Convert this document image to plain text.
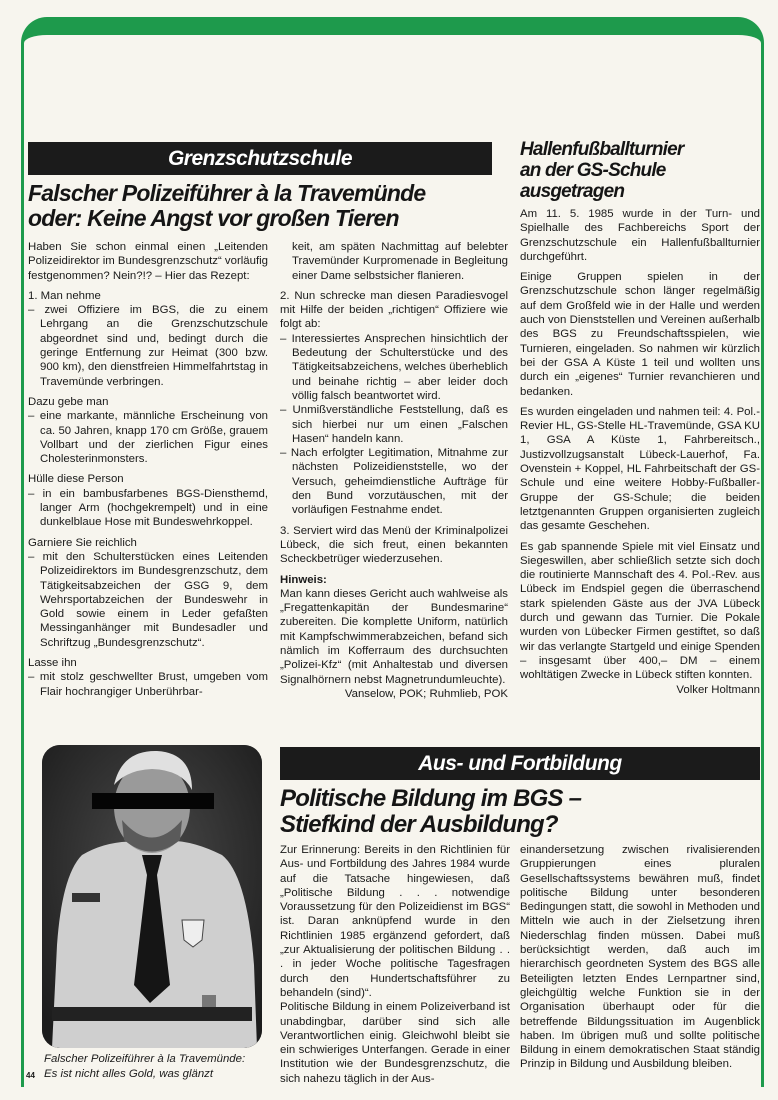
Grenzschutzschule
Falscher Polizeiführer à la Travemünde
oder: Keine Angst vor großen Tieren

Haben Sie schon einmal einen „Leitenden Polizeidirektor im Bundesgrenzschutz“ vorläufig festgenommen? Nein?!? – Hier das Rezept:

1. Man nehme

– zwei Offiziere im BGS, die zu einem Lehrgang an die Grenzschutzschule abgeordnet sind und, bedingt durch die geringe Entfernung zur Heimat (300 bzw. 900 km), den dienstfreien Himmelfahrtstag in Travemünde verbringen.

Dazu gebe man

– eine markante, männliche Erscheinung von ca. 50 Jahren, knapp 170 cm Größe, grauem Vollbart und der zierlichen Figur eines Cholesterinmonsters.

Hülle diese Person

– in ein bambusfarbenes BGS-Diensthemd, langer Arm (hochgekrempelt) und in eine dunkelblaue Hose mit Bundeswehrkoppel.

Garniere Sie reichlich

– mit den Schulterstücken eines Leitenden Polizeidirektors im Bundesgrenzschutz, dem Tätigkeitsabzeichen der GSG 9, dem Wehrsportabzeichen der Bundeswehr in Gold sowie einem in Leder gefaßten Messinganhänger mit Bundesadler und Schriftzug „Bundesgrenzschutz“.

Lasse ihn

– mit stolz geschwellter Brust, umgeben vom Flair hochrangiger Unberührbar-

keit, am späten Nachmittag auf belebter Travemünder Kurpromenade in Begleitung einer Dame selbstsicher flanieren.

2. Nun schrecke man diesen Paradiesvogel mit Hilfe der beiden „richtigen“ Offiziere wie folgt ab:

– Interessiertes Ansprechen hinsichtlich der Bedeutung der Schulterstücke und des Tätigkeitsabzeichens, welches überheblich und beinahe richtig – aber leider doch völlig falsch beantwortet wird.
– Unmißverständliche Feststellung, daß es sich hierbei nur um einen „Falschen Hasen“ handeln kann.
– Nach erfolgter Legitimation, Mitnahme zur nächsten Polizeidienststelle, wo der Versuch, geheimdienstliche Aufträge für den Bund vorzutäuschen, mit der vorläufigen Festnahme endet.

3. Serviert wird das Menü der Kriminalpolizei Lübeck, die sich freut, einen bekannten Scheckbetrüger wiederzusehen.

Hinweis:

Man kann dieses Gericht auch wahlweise als „Fregattenkapitän der Bundesmarine“ zubereiten. Die komplette Uniform, natürlich mit Kampfschwimmerabzeichen, befand sich nämlich im Kofferraum des durchsuchten „Polizei-Kfz“ (mit Anhaltestab und diversen Signalhörnern nebst Magnetrundumleuchte).

Vanselow, POK; Ruhmlieb, POK

Hallenfußballturnier
an der GS-Schule
ausgetragen

Am 11. 5. 1985 wurde in der Turn- und Spielhalle des Fachbereichs Sport der Grenzschutzschule ein Hallenfußballturnier durchgeführt.

Einige Gruppen spielen in der Grenzschutzschule schon länger regelmäßig auf dem Großfeld wie in der Halle und werden auch von Dienststellen und Vereinen außerhalb des BGS zu Freundschaftsspielen, wie Turnieren, eingeladen. So nahmen wir kürzlich bei der GSA A Küste 1 teil und wollten uns durch ein „eigenes“ Turnier revanchieren und bedanken.

Es wurden eingeladen und nahmen teil: 4. Pol.-Revier HL, GS-Stelle HL-Travemünde, GSA KU 1, GSA A Küste 1, Fahrbereitsch., Justizvollzugsanstalt Lübeck-Lauerhof, Fa. Ovenstein + Koppel, HL Fahrbeitschaft der GS-Schule und eine weitere Hobby-Fußballer-Gruppe der GS-Schule; die beiden letztgenannten Gruppen organisierten zugleich das gesamte Geschehen.

Es gab spannende Spiele mit viel Einsatz und Siegeswillen, aber schließlich setzte sich doch die routinierte Mannschaft des 4. Pol.-Rev. aus Lübeck im Endspiel gegen die überraschend stark spielenden Gäste aus der JVA Lübeck durch und gewann das Turnier. Die Pokale wurden von Lübecker Firmen gestiftet, so daß wir das verlangte Startgeld und einige Spenden – insgesamt über 400,– DM – einem wohltätigen Zwecke in Lübeck stiften konnten.
Volker Holtmann

Falscher Polizeiführer à la Travemünde:
Es ist nicht alles Gold, was glänzt
44
Aus- und Fortbildung
Politische Bildung im BGS –
Stiefkind der Ausbildung?

Zur Erinnerung: Bereits in den Richtlinien für Aus- und Fortbildung des Jahres 1984 wurde auf die Tatsache hingewiesen, daß „Politische Bildung . . . notwendige Voraussetzung für den Polizeidienst im BGS“ ist. Daran anknüpfend wurde in den Richtlinien 1985 ergänzend gefordert, daß „zur Aktualisierung der politischen Bildung . . . in jeder Woche politische Tagesfragen durch den Hundertschaftsführer zu behandeln (sind)“.

Politische Bildung in einem Polizeiverband ist unabdingbar, darüber sind sich alle Verantwortlichen einig. Gleichwohl bleibt sie ein schwieriges Unterfangen. Gerade in einer Institution wie der Bundesgrenzschutz, die sich nahezu täglich in der Aus-

einandersetzung zwischen rivalisierenden Gruppierungen eines pluralen Gesellschaftssystems bewähren muß, findet politische Bildung unter besonderen Bedingungen statt, die sowohl in Methoden und Mitteln wie auch in der Zielsetzung ihren Niederschlag finden müssen. Dabei muß berücksichtigt werden, daß auch im hierarchisch geordneten System des BGS alle Beteiligten letzten Endes Lernpartner sind, gleichgültig welche Funktion sie in der Organisation überhaupt oder für die betreffende Bildungssituation im Augenblick haben. Im übrigen muß und sollte politische Bildung in einem demokratischen Staat ständig Prinzip in Bildung und Ausbildung bleiben.
